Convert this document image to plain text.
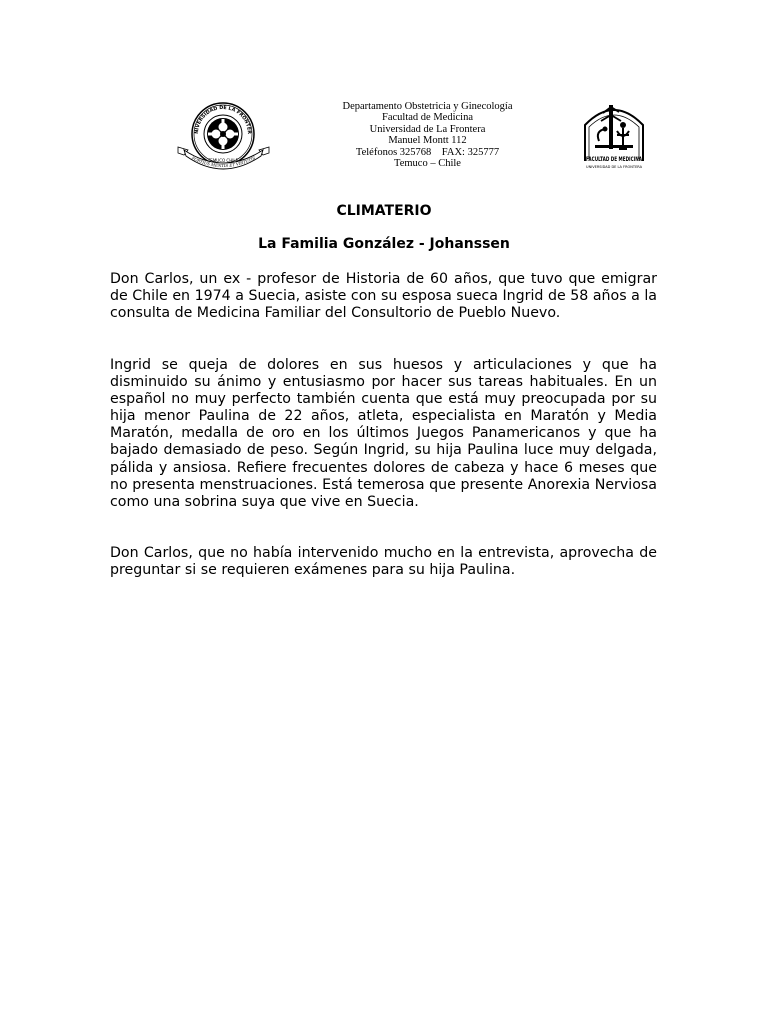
NIVERSIDAD DE LA FRONTER
FORTIUS MENTIS ET VIRTUTIS
TEMUCO CHILE
Departamento Obstetricia y Ginecología
Facultad de Medicina
Universidad de La Frontera
Manuel Montt 112
Teléfonos 325768    FAX: 325777
Temuco – Chile	FACULTAD DE MEDICINA
UNIVERSIDAD DE LA FRONTERA
CLIMATERIO
La Familia González - Johanssen

Don Carlos, un ex - profesor de Historia de 60 años, que tuvo que emigrar de Chile en 1974 a Suecia, asiste con su esposa sueca Ingrid de 58 años a la consulta de Medicina Familiar del Consultorio de Pueblo Nuevo.

Ingrid se queja de dolores en sus huesos y articulaciones y que ha disminuido su ánimo y entusiasmo por hacer sus tareas habituales. En un español no muy perfecto también cuenta que está muy preocupada por su hija menor Paulina de 22 años, atleta, especialista en Maratón y Media Maratón, medalla de oro en los últimos Juegos Panamericanos y que ha bajado demasiado de peso. Según Ingrid, su hija Paulina luce muy delgada, pálida y ansiosa. Refiere frecuentes dolores de cabeza y hace 6 meses que no presenta menstruaciones. Está temerosa que presente Anorexia Nerviosa como una sobrina suya que vive en Suecia.

Don Carlos, que no había intervenido mucho en la entrevista, aprovecha de preguntar si se requieren exámenes para su hija Paulina.
